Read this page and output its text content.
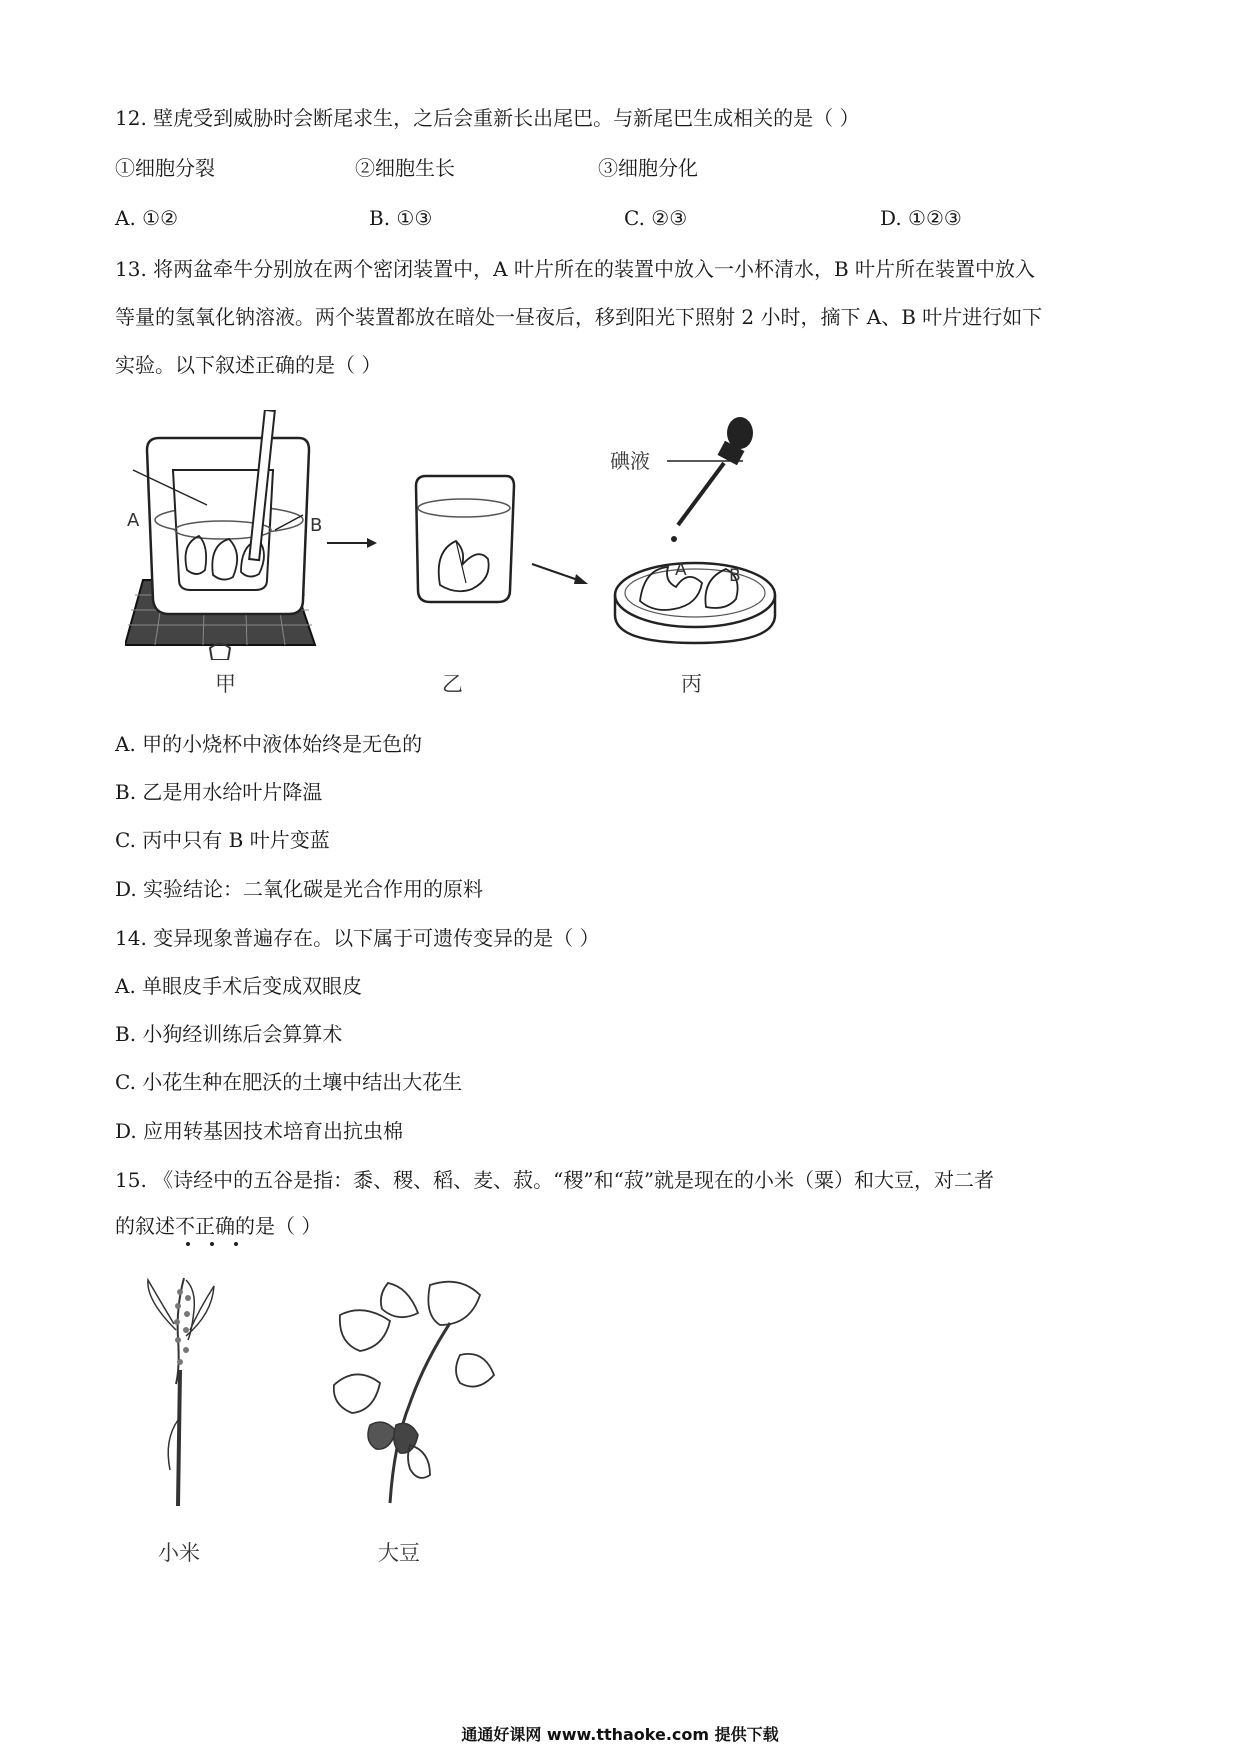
12. 壁虎受到威胁时会断尾求生，之后会重新长出尾巴。与新尾巴生成相关的是（ ）
①细胞分裂	②细胞生长	③细胞分化
A. ①②	B. ①③	C. ②③	D. ①②③
13. 将两盆牵牛分别放在两个密闭装置中，A 叶片所在的装置中放入一小杯清水，B 叶片所在装置中放入
等量的氢氧化钠溶液。两个装置都放在暗处一昼夜后，移到阳光下照射 2 小时，摘下 A、B 叶片进行如下
实验。以下叙述正确的是（ ）
A	B
碘液
A B
甲	乙	丙
A. 甲的小烧杯中液体始终是无色的
B. 乙是用水给叶片降温
C. 丙中只有 B 叶片变蓝
D. 实验结论：二氧化碳是光合作用的原料
14. 变异现象普遍存在。以下属于可遗传变异的是（ ）
A. 单眼皮手术后变成双眼皮
B. 小狗经训练后会算算术
C. 小花生种在肥沃的土壤中结出大花生
D. 应用转基因技术培育出抗虫棉
15. 《诗经中的五谷是指：黍、稷、稻、麦、菽。“稷”和“菽”就是现在的小米（粟）和大豆，对二者
的叙述不正确的是（ ）
小米	大豆
通通好课网 www.tthaoke.com 提供下载
